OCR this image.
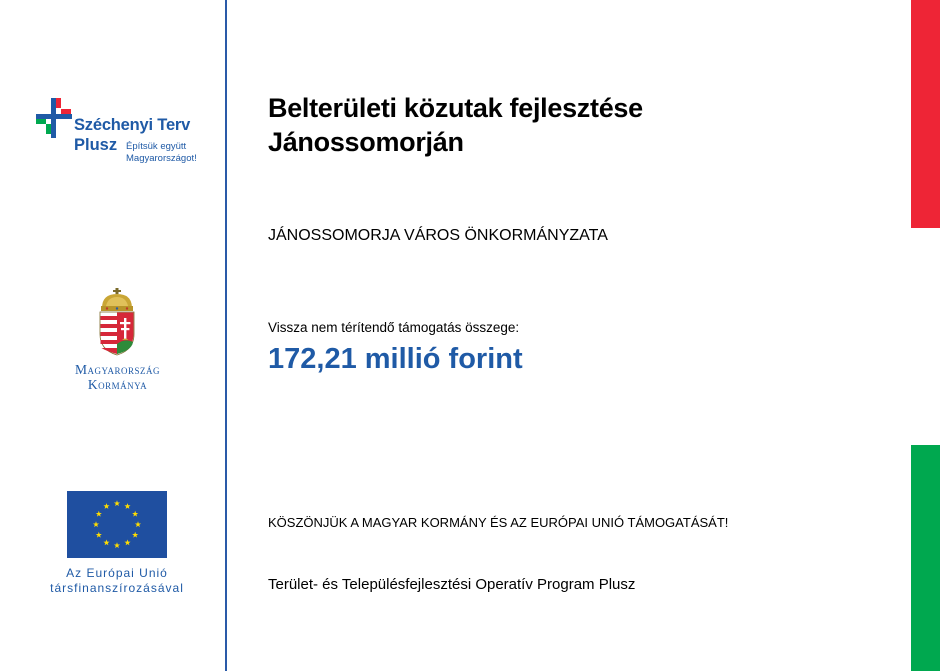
Széchenyi Terv
Plusz Építsük együtt
Magyarországot!
Magyarország
Kormánya
Az Európai Unió
társfinanszírozásával
Belterületi közutak fejlesztése
Jánossomorján
JÁNOSSOMORJA VÁROS ÖNKORMÁNYZATA
Vissza nem térítendő támogatás összege:
172,21 millió forint
KÖSZÖNJÜK A MAGYAR KORMÁNY ÉS AZ EURÓPAI UNIÓ TÁMOGATÁSÁT!
Terület- és Településfejlesztési Operatív Program Plusz
